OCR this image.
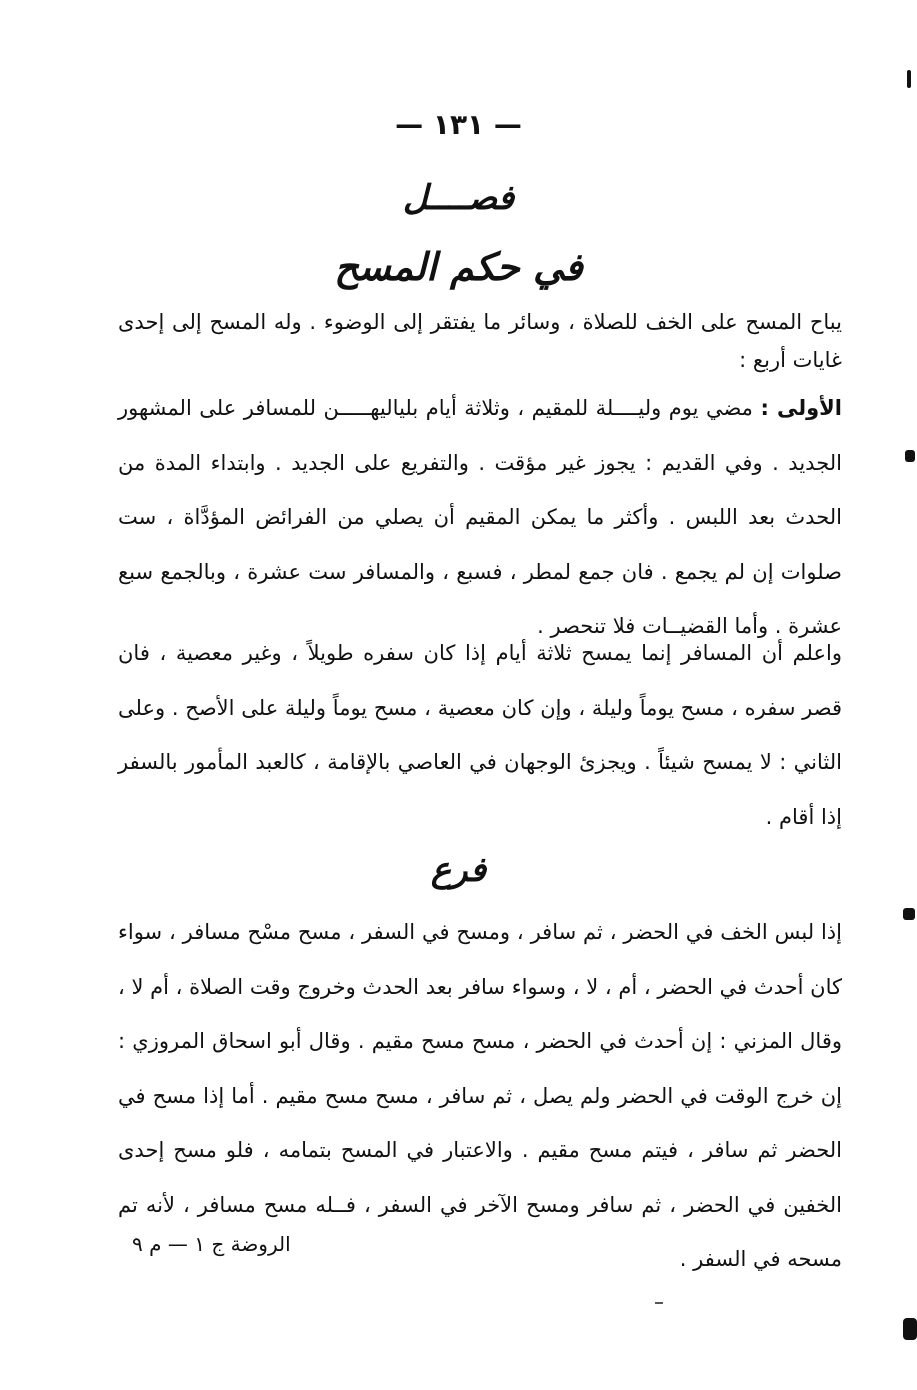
— ١٣١ —
فصــــل
في حكم المسح
يباح المسح على الخف للصلاة ، وسائر ما يفتقر إلى الوضوء . وله المسح إلى إحدى غايات أربع :
الأولى : مضي يوم وليــــلة للمقيم ، وثلاثة أيام بلياليهـــــن للمسافر على المشهور الجديد . وفي القديم : يجوز غير مؤقت . والتفريع على الجديد . وابتداء المدة من الحدث بعد اللبس . وأكثر ما يمكن المقيم أن يصلي من الفرائض المؤدَّاة ، ست صلوات إن لم يجمع . فان جمع لمطر ، فسبع ، والمسافر ست عشرة ، وبالجمع سبع عشرة . وأما القضيــات فلا تنحصر .
واعلم أن المسافر إنما يمسح ثلاثة أيام إذا كان سفره طويلاً ، وغير معصية ، فان قصر سفره ، مسح يوماً وليلة ، وإن كان معصية ، مسح يوماً وليلة على الأصح . وعلى الثاني : لا يمسح شيئاً . ويجزئ الوجهان في العاصي بالإقامة ، كالعبد المأمور بالسفر إذا أقام .
فرع
إذا لبس الخف في الحضر ، ثم سافر ، ومسح في السفر ، مسح مسْح مسافر ، سواء كان أحدث في الحضر ، أم ، لا ، وسواء سافر بعد الحدث وخروج وقت الصلاة ، أم لا ، وقال المزني : إن أحدث في الحضر ، مسح مسح مقيم . وقال أبو اسحاق المروزي : إن خرج الوقت في الحضر ولم يصل ، ثم سافر ، مسح مسح مقيم . أما إذا مسح في الحضر ثم سافر ، فيتم مسح مقيم . والاعتبار في المسح بتمامه ، فلو مسح إحدى الخفين في الحضر ، ثم سافر ومسح الآخر في السفر ، فــله مسح مسافر ، لأنه تم مسحه في السفر .
الروضة ج ١ — م ٩
